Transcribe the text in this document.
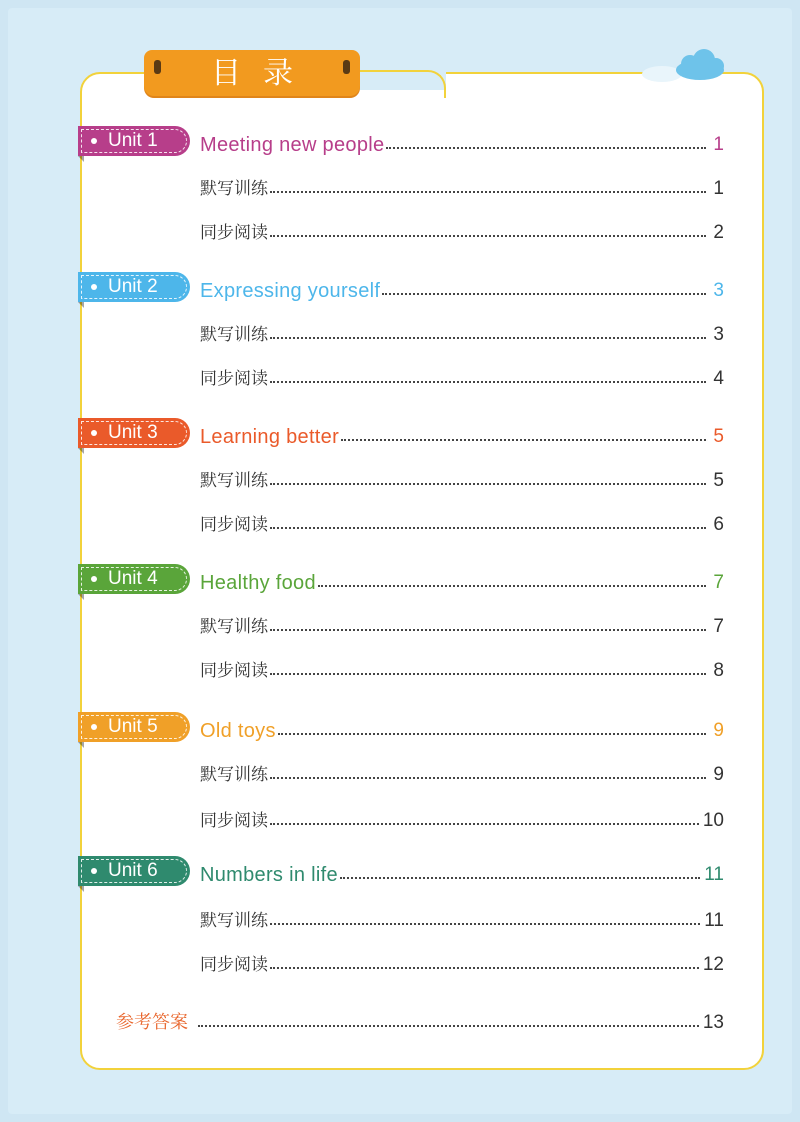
目录
Unit 1 Meeting new people	1
默写训练	1
同步阅读	2
Unit 2 Expressing yourself	3
默写训练	3
同步阅读	4
Unit 3 Learning better	5
默写训练	5
同步阅读	6
Unit 4 Healthy food	7
默写训练	7
同步阅读	8
Unit 5 Old toys	9
默写训练	9
同步阅读	10
Unit 6 Numbers in life	11
默写训练	11
同步阅读	12
参考答案	13
